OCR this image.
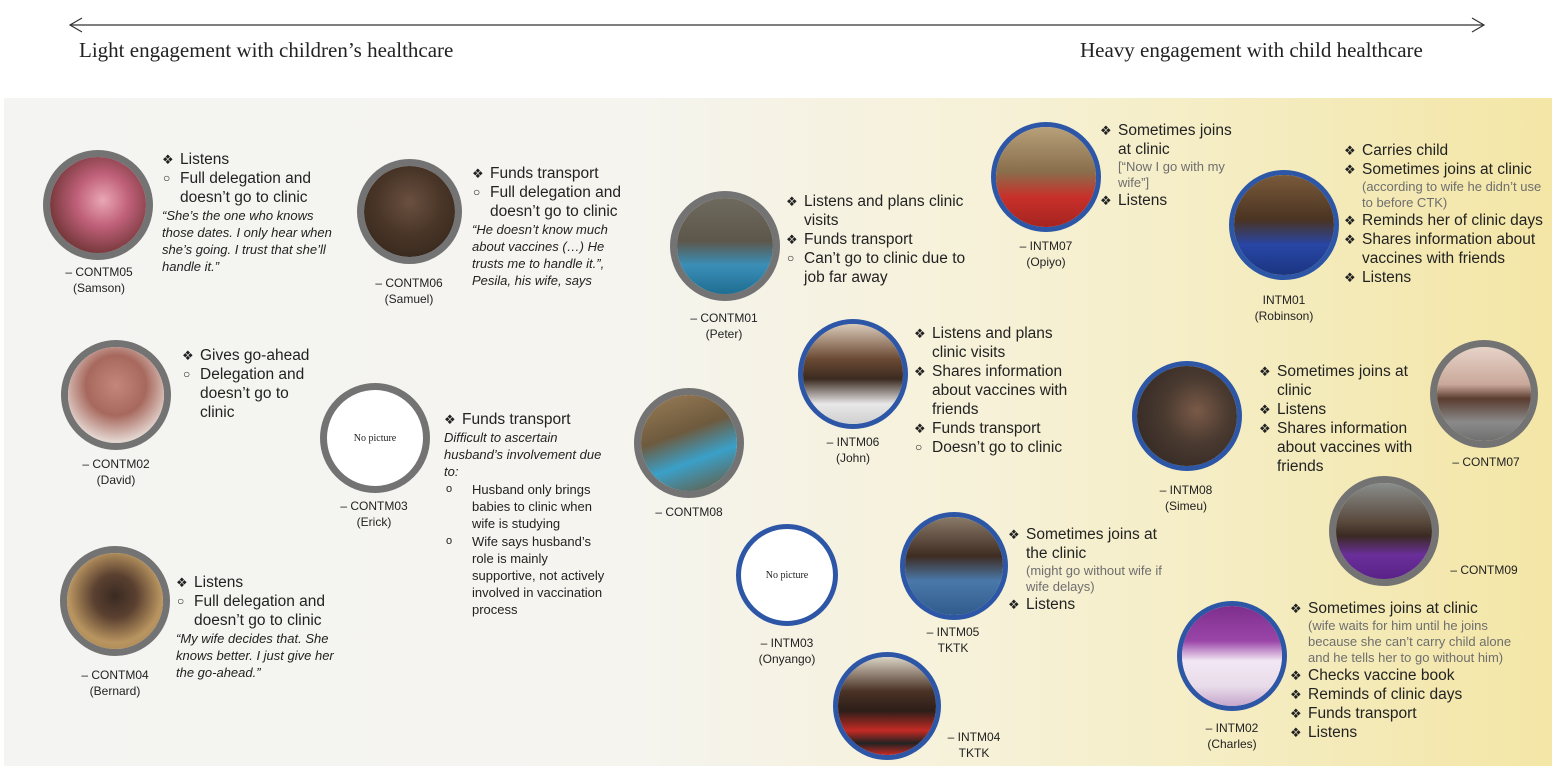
Light engagement with children’s healthcare	Heavy engagement with child healthcare
– CONTM05
(Samson)
❖ Listens
○ Full delegation and doesn’t go to clinic
“She’s the one who knows those dates. I only hear when she’s going. I trust that she’ll handle it.”
– CONTM06
(Samuel)
❖ Funds transport
○ Full delegation and doesn’t go to clinic
“He doesn’t know much about vaccines (…) He trusts me to handle it.”, Pesila, his wife, says
– CONTM01
(Peter)
❖ Listens and plans clinic visits
❖ Funds transport
○ Can’t go to clinic due to job far away
– INTM07
(Opiyo)
❖ Sometimes joins at clinic
[“Now I go with my wife”]
❖ Listens
INTM01
(Robinson)
❖ Carries child
❖ Sometimes joins at clinic
(according to wife he didn’t use to before CTK)
❖ Reminds her of clinic days
❖ Shares information about vaccines with friends
❖ Listens
– CONTM02
(David)
❖ Gives go-ahead
○ Delegation and doesn’t go to clinic
No picture
– CONTM03
(Erick)
❖ Funds transport
Difficult to ascertain husband’s involvement due to:
o Husband only brings babies to clinic when wife is studying
o Wife says husband’s role is mainly supportive, not actively involved in vaccination process
– CONTM08
– INTM06
(John)
❖ Listens and plans clinic visits
❖ Shares information about vaccines with friends
❖ Funds transport
○ Doesn’t go to clinic
– INTM08
(Simeu)
❖ Sometimes joins at clinic
❖ Listens
❖ Shares information about vaccines with friends	– CONTM07
– CONTM09
– CONTM04
(Bernard)
❖ Listens
○ Full delegation and doesn’t go to clinic
“My wife decides that. She knows better. I just give her the go-ahead.”
No picture
– INTM03
(Onyango)
– INTM05
TKTK
❖ Sometimes joins at the clinic
(might go without wife if wife delays)
❖ Listens
– INTM04
TKTK
– INTM02
(Charles)
❖ Sometimes joins at clinic
(wife waits for him until he joins because she can’t carry child alone and he tells her to go without him)
❖ Checks vaccine book
❖ Reminds of clinic days
❖ Funds transport
❖ Listens
